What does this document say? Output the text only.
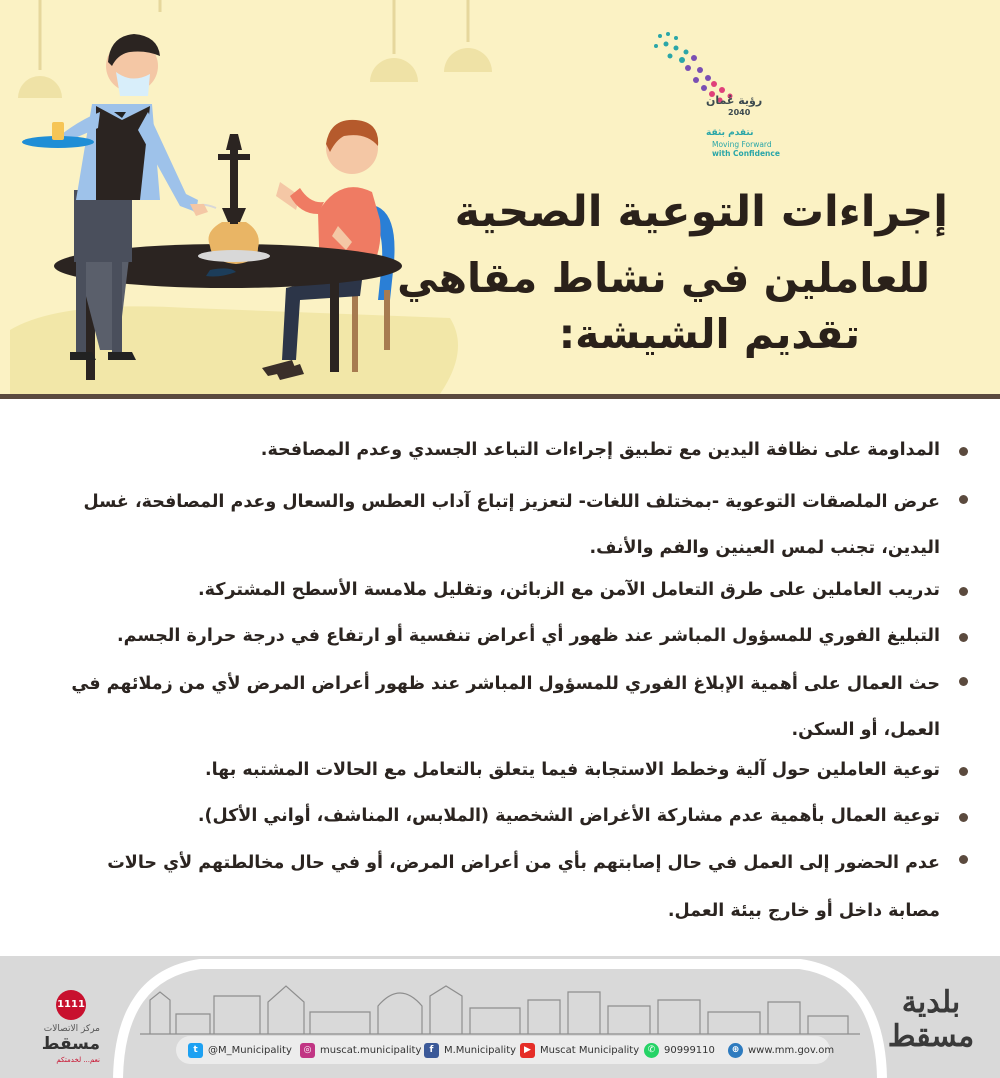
رؤية عُمان
2040
نتقدم بثقة
Moving Forward
with Confidence
إجراءات التوعية الصحية
للعاملين في نشاط مقاهي
تقديم الشيشة:
المداومة على نظافة اليدين مع تطبيق إجراءات التباعد الجسدي وعدم المصافحة.
عرض الملصقات التوعوية -بمختلف اللغات- لتعزيز إتباع آداب العطس والسعال وعدم المصافحة، غسل اليدين، تجنب لمس العينين والفم والأنف.
تدريب العاملين على طرق التعامل الآمن مع الزبائن، وتقليل ملامسة الأسطح المشتركة.
التبليغ الفوري للمسؤول المباشر عند ظهور أي أعراض تنفسية أو ارتفاع في درجة حرارة الجسم.
حث العمال على أهمية الإبلاغ الفوري للمسؤول المباشر عند ظهور أعراض المرض لأي من زملائهم في العمل، أو السكن.
توعية العاملين حول آلية وخطط الاستجابة فيما يتعلق بالتعامل مع الحالات المشتبه بها.
توعية العمال بأهمية عدم مشاركة الأغراض الشخصية (الملابس، المناشف، أواني الأكل).
عدم الحضور إلى العمل في حال إصابتهم بأي من أعراض المرض، أو في حال مخالطتهم لأي حالات مصابة داخل أو خارج بيئة العمل.
1111
مركز الاتصالات
مسقط
نعم... لخدمتكم
بلدية مسقط
t	@M_Municipality	◎ muscat.municipality f	M.Municipality ▶ Muscat Municipality ✆ 90999110	⊕ www.mm.gov.om
